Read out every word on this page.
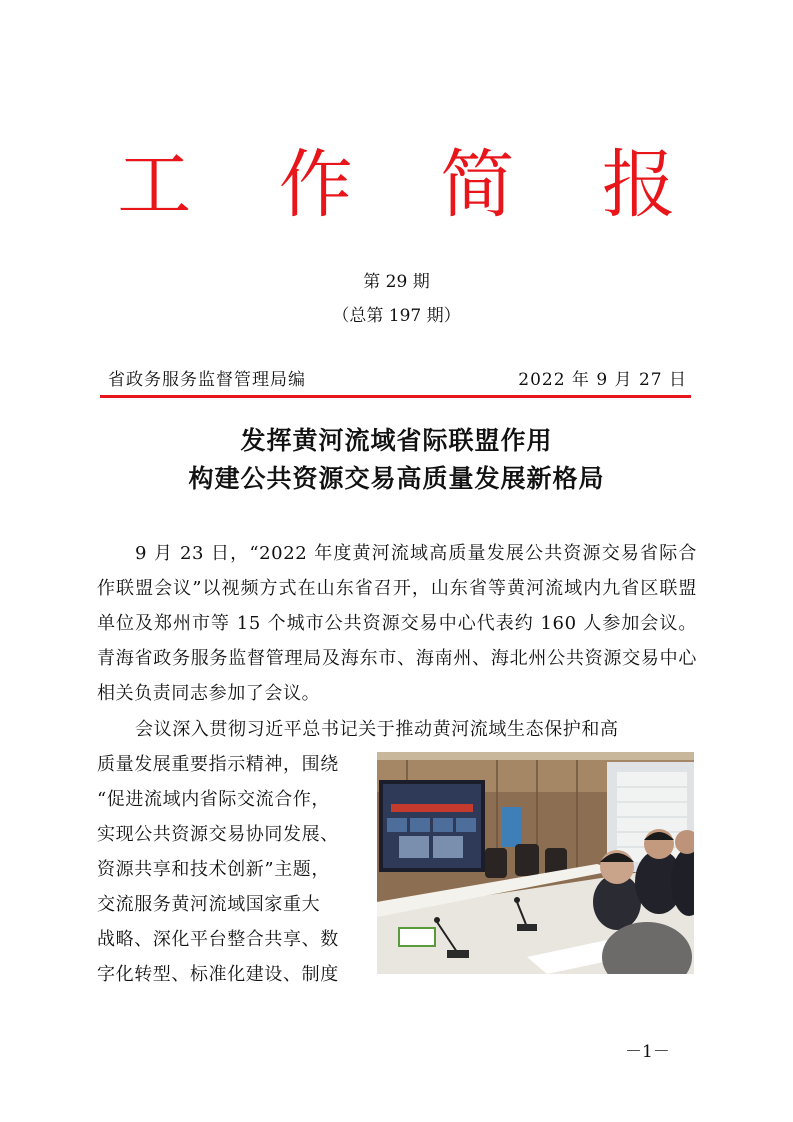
工 作 简 报
第 29 期
（总第 197 期）
省政务服务监督管理局编	2022 年 9 月 27 日
发挥黄河流域省际联盟作用
构建公共资源交易高质量发展新格局
9 月 23 日，“2022 年度黄河流域高质量发展公共资源交易省际合作联盟会议”以视频方式在山东省召开，山东省等黄河流域内九省区联盟单位及郑州市等 15 个城市公共资源交易中心代表约 160 人参加会议。青海省政务服务监督管理局及海东市、海南州、海北州公共资源交易中心相关负责同志参加了会议。
会议深入贯彻习近平总书记关于推动黄河流域生态保护和高
质量发展重要指示精神，围绕
“促进流域内省际交流合作，
实现公共资源交易协同发展、
资源共享和技术创新”主题，
交流服务黄河流域国家重大
战略、深化平台整合共享、数
字化转型、标准化建设、制度
－1－
